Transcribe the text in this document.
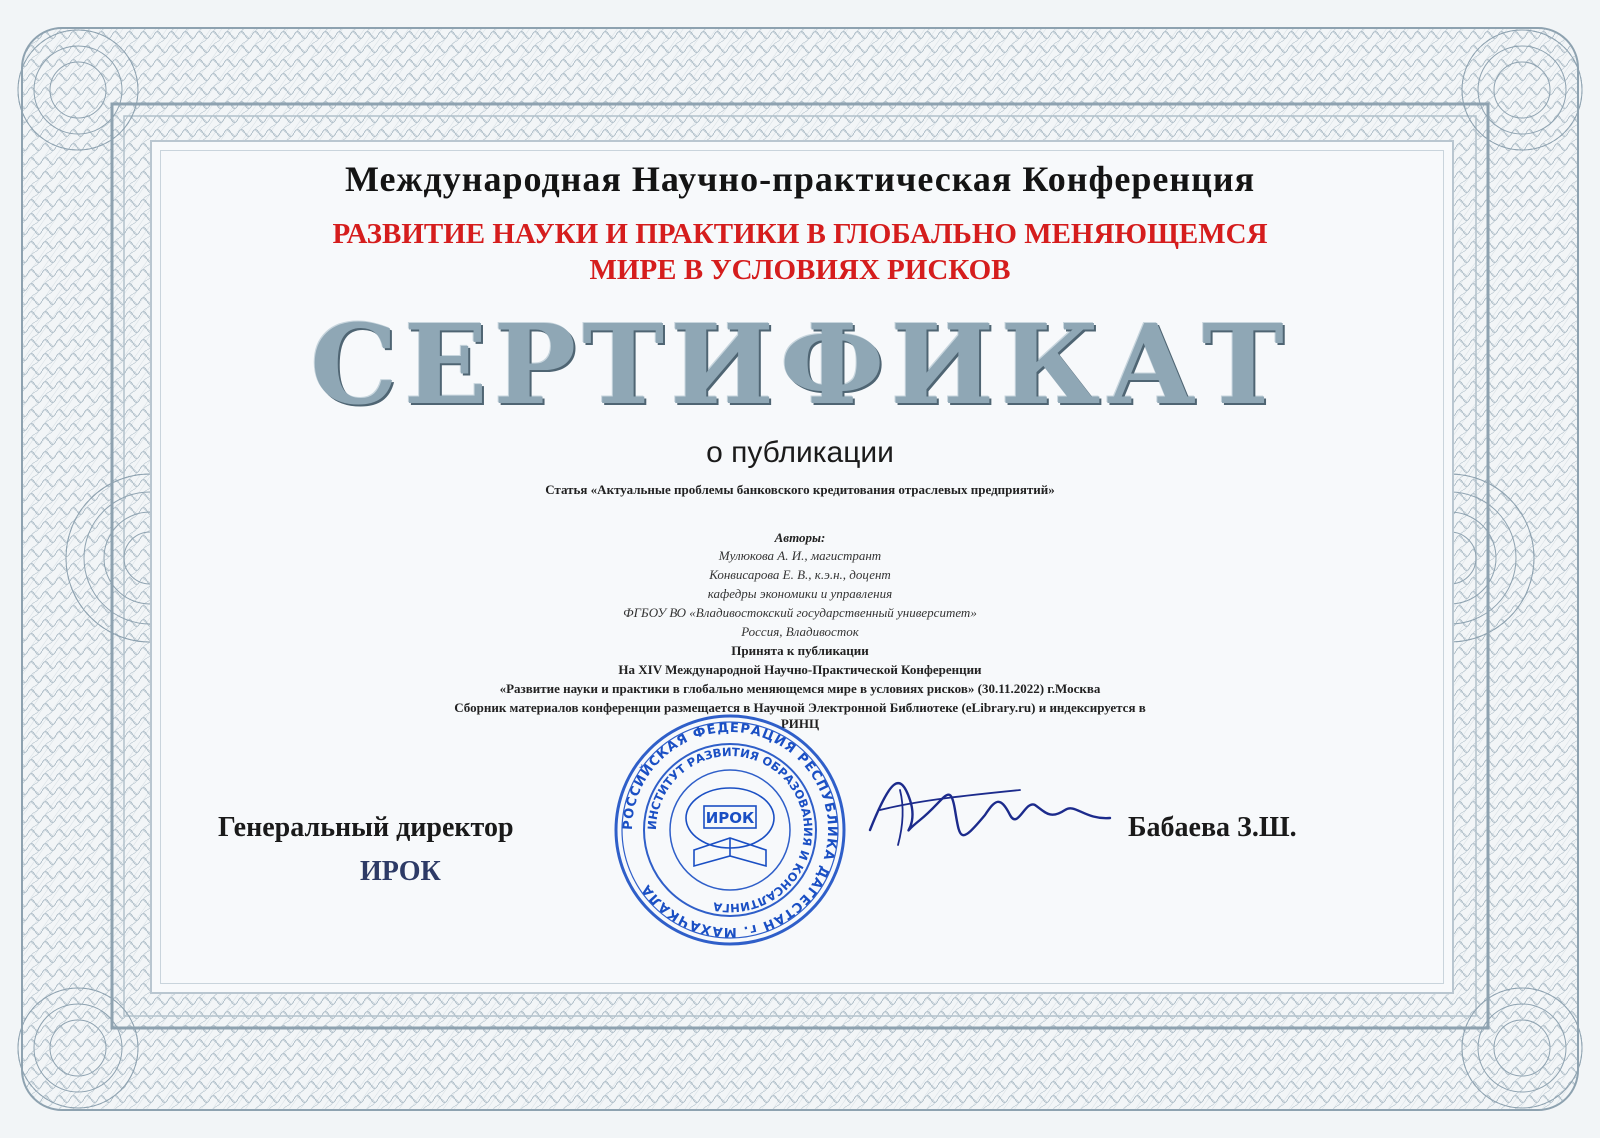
Международная Научно-практическая Конференция
РАЗВИТИЕ НАУКИ И ПРАКТИКИ В ГЛОБАЛЬНО МЕНЯЮЩЕМСЯ
МИРЕ В УСЛОВИЯХ РИСКОВ
СЕРТИФИКАТ
о публикации
Статья «Актуальные проблемы банковского кредитования отраслевых предприятий»
Авторы:
Мулюкова А. И., магистрант
Конвисарова Е. В., к.э.н., доцент
кафедры экономики и управления
ФГБОУ ВО «Владивостокский государственный университет»
Россия, Владивосток
Принята к публикации
На XIV Международной Научно-Практической Конференции
«Развитие науки и практики в глобально меняющемся мире в условиях рисков» (30.11.2022) г.Москва
Сборник материалов конференции размещается в Научной Электронной Библиотеке (eLibrary.ru) и индексируется в
РИНЦ
Генеральный директор
ИРОК
Бабаева З.Ш.
РОССИЙСКАЯ ФЕДЕРАЦИЯ РЕСПУБЛИКА ДАГЕСТАН г. МАХАЧКАЛА
ИНСТИТУТ РАЗВИТИЯ ОБРАЗОВАНИЯ И КОНСАЛТИНГА
ИРОК
